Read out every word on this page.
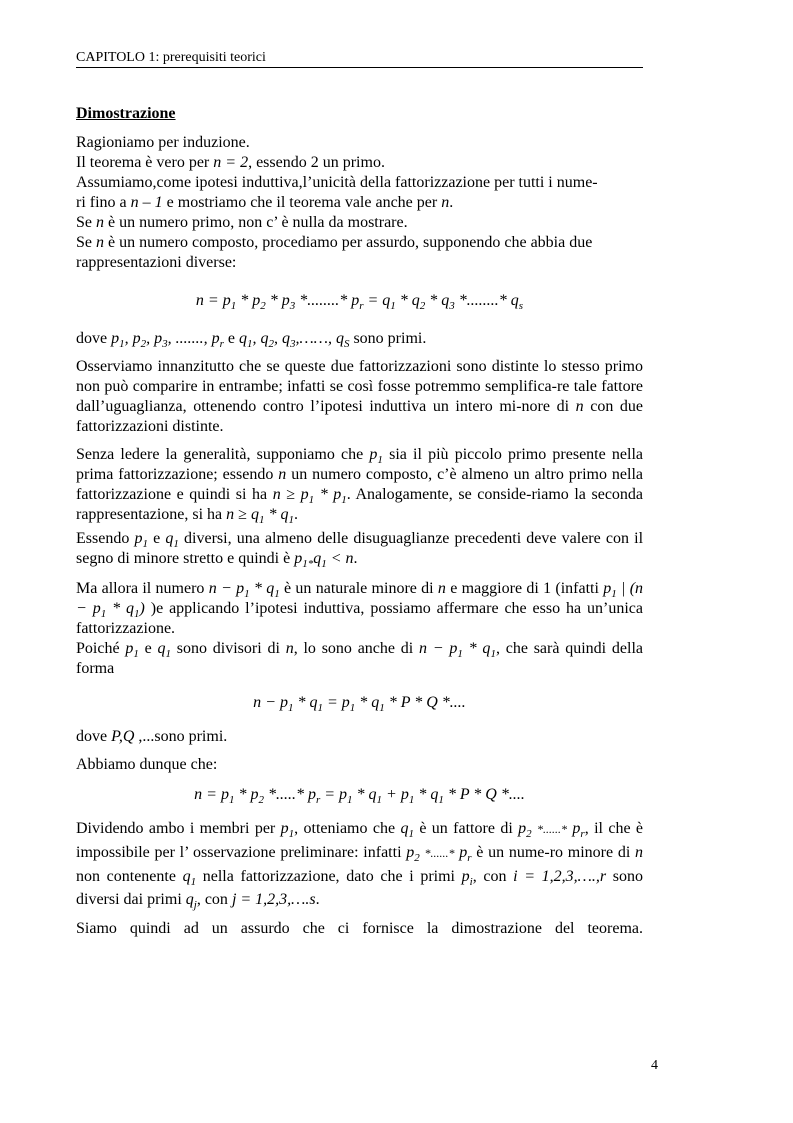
CAPITOLO 1: prerequisiti teorici
Dimostrazione
Ragioniamo per induzione.
Il teorema è vero per n = 2, essendo 2 un primo.
Assumiamo,come ipotesi induttiva,l’unicità della fattorizzazione per tutti i nume-
ri fino a n – 1 e mostriamo che il teorema vale anche per n.
Se n è un numero primo, non c’ è nulla da mostrare.
Se n è un numero composto, procediamo per assurdo, supponendo che abbia due
rappresentazioni diverse:
$n = p_1 * p_2 * p_3$ *........* $p_r = q_1 * q_2 * q_3$ *........* $q_s$
dove $p_1$, $p_2$, $p_3$, ......., $p_r$ e $q_1$, $q_2$, $q_3,\dots\dots$, $q_S$ sono primi.
Osserviamo innanzitutto che se queste due fattorizzazioni sono distinte lo stesso primo non può comparire in entrambe; infatti se così fosse potremmo semplifica-re tale fattore dall’uguaglianza, ottenendo contro l’ipotesi induttiva un intero mi-nore di n con due fattorizzazioni distinte.
Senza ledere la generalità, supponiamo che $p_1$ sia il più piccolo primo presente nella prima fattorizzazione; essendo n un numero composto, c’è almeno un altro primo nella fattorizzazione e quindi si ha $n \ge p_1 * p_1$. Analogamente, se conside-riamo la seconda rappresentazione, si ha $n \ge q_1 * q_1$.
Essendo $p_1$ e $q_1$ diversi, una almeno delle disuguaglianze precedenti deve valere con il segno di minore stretto e quindi è $p_{1*}q_1 < n$.
Ma allora il numero $n - p_1 * q_1$ è un naturale minore di n e maggiore di 1 (infatti $p_1$ | $(n - p_1 * q_1)$ )e applicando l’ipotesi induttiva, possiamo affermare che esso ha un’unica fattorizzazione.
Poiché $p_1$ e $q_1$ sono divisori di n, lo sono anche di $n - p_1 * q_1$, che sarà quindi della forma
$n - p_1 * q_1 = p_1 * q_1 * P * Q$ *....
dove P,Q ,...sono primi.
Abbiamo dunque che:
$n = p_1 * p_2$ *.....* $p_r = p_1 * q_1 + p_1 * q_1 * P * Q$ *....
Dividendo ambo i membri per $p_1$, otteniamo che $q_1$ è un fattore di $p_2$ *......* $p_r$, il che è impossibile per l’ osservazione preliminare: infatti $p_2$ *......* $p_r$ è un nume-ro minore di n non contenente $q_1$ nella fattorizzazione, dato che i primi $p_i$, con i = 1,2,3,….,r sono diversi dai primi $q_j$, con j = 1,2,3,….s.
Siamo quindi ad un assurdo che ci fornisce la dimostrazione del teorema.
4
